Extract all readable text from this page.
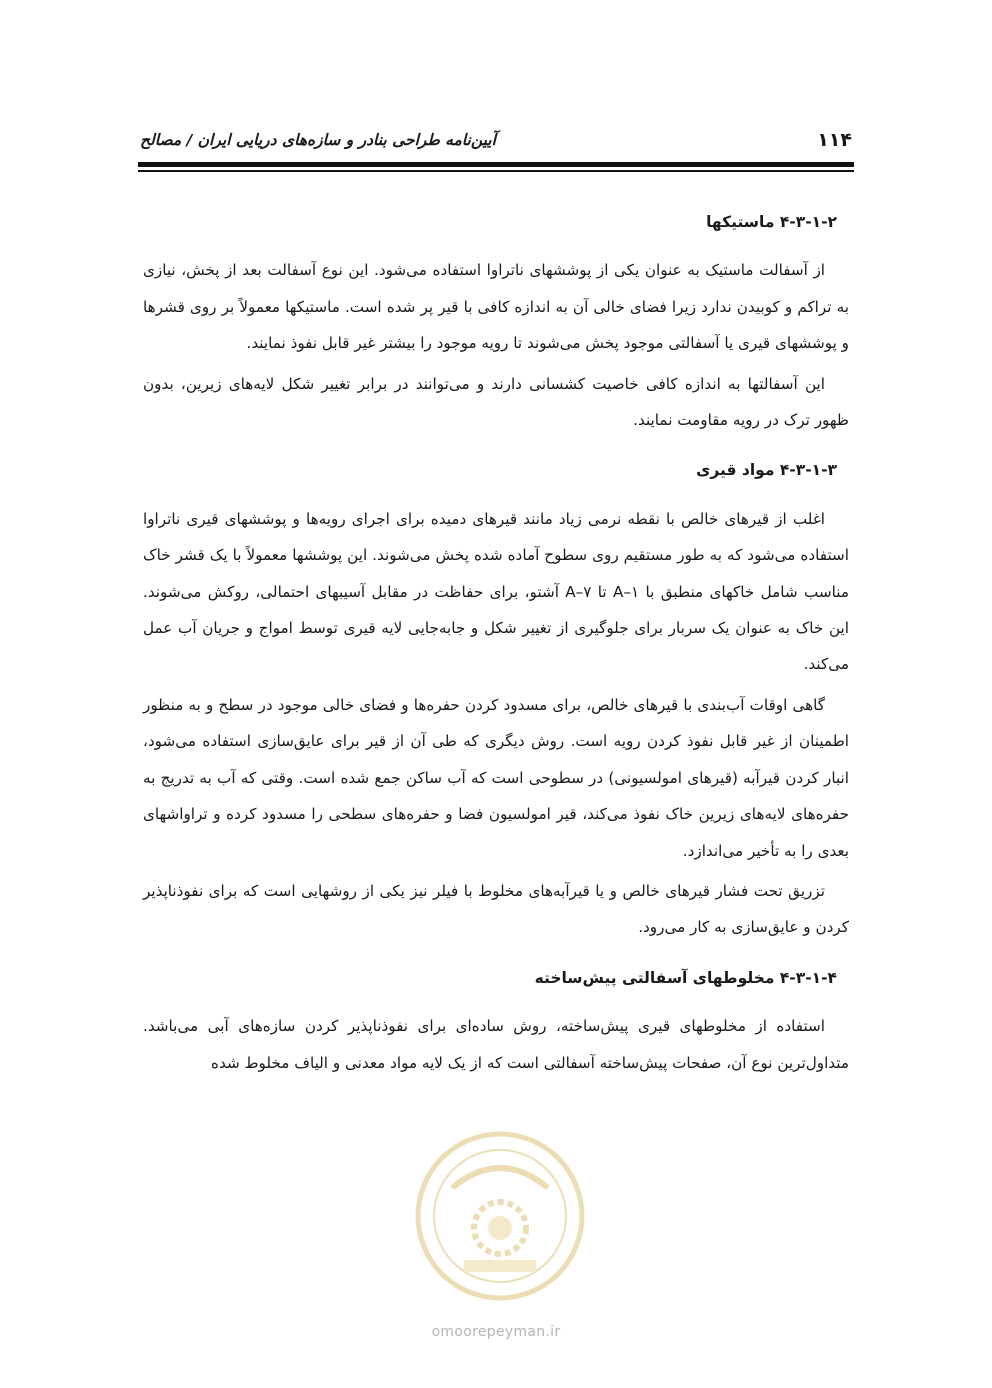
۱۱۴
آیین‌نامه طراحی بنادر و سازه‌های دریایی ایران / مصالح
۴-۳-۱-۲ ماستیکها

از آسفالت ماستیک به عنوان یکی از پوششهای ناتراوا استفاده می‌شود. این نوع آسفالت بعد از پخش، نیازی به تراکم و کوبیدن ندارد زیرا فضای خالی آن به اندازه کافی با قیر پر شده است. ماستیکها معمولاً بر روی قشرها و پوششهای قیری یا آسفالتی موجود پخش می‌شوند تا رویه موجود را بیشتر غیر قابل نفوذ نمایند.

این آسفالتها به اندازه کافی خاصیت کشسانی دارند و می‌توانند در برابر تغییر شکل لایه‌های زیرین، بدون ظهور ترک در رویه مقاومت نمایند.

۴-۳-۱-۳ مواد قیری

اغلب از قیرهای خالص با نقطه نرمی زیاد مانند قیرهای دمیده برای اجرای رویه‌ها و پوششهای قیری ناتراوا استفاده می‌شود که به طور مستقیم روی سطوح آماده شده پخش می‌شوند. این پوششها معمولاً با یک قشر خاک مناسب شامل خاکهای منطبق با ۱–A تا ۷–A آشتو، برای حفاظت در مقابل آسیبهای احتمالی، روکش می‌شوند. این خاک به عنوان یک سربار برای جلوگیری از تغییر شکل و جابه‌جایی لایه قیری توسط امواج و جریان آب عمل می‌کند.

گاهی اوقات آب‌بندی با قیرهای خالص، برای مسدود کردن حفره‌ها و فضای خالی موجود در سطح و به منظور اطمینان از غیر قابل نفوذ کردن رویه است. روش دیگری که طی آن از قیر برای عایق‌سازی استفاده می‌شود، انبار کردن قیرآبه (قیرهای امولسیونی) در سطوحی است که آب ساکن جمع شده است. وقتی که آب به تدریج به حفره‌های لایه‌های زیرین خاک نفوذ می‌کند، قیر امولسیون فضا و حفره‌های سطحی را مسدود کرده و تراواشهای بعدی را به تأخیر می‌اندازد.

تزریق تحت فشار قیرهای خالص و یا قیرآبه‌های مخلوط با فیلر نیز یکی از روشهایی است که برای نفوذناپذیر کردن و عایق‌سازی به کار می‌رود.

۴-۳-۱-۴ مخلوطهای آسفالتی پیش‌ساخته

استفاده از مخلوطهای قیری پیش‌ساخته، روش ساده‌ای برای نفوذناپذیر کردن سازه‌های آبی می‌باشد. متداول‌ترین نوع آن، صفحات پیش‌ساخته آسفالتی است که از یک لایه مواد معدنی و الیاف مخلوط شده

omoorepeyman.ir
